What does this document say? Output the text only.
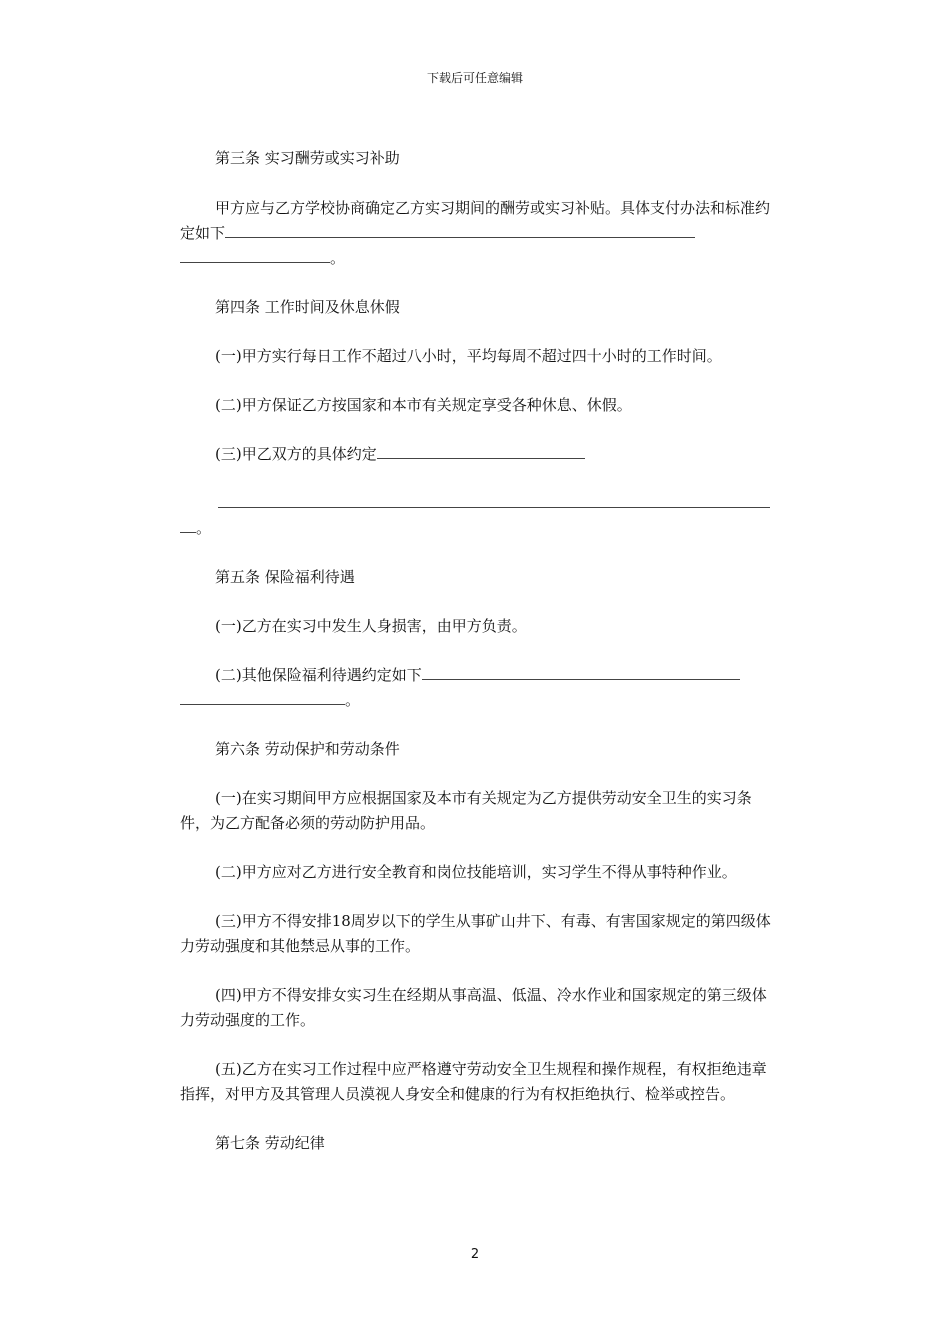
下载后可任意编辑

第三条 实习酬劳或实习补助

甲方应与乙方学校协商确定乙方实习期间的酬劳或实习补贴。具体支付办法和标准约定如下。

第四条 工作时间及休息休假

(一)甲方实行每日工作不超过八小时，平均每周不超过四十小时的工作时间。

(二)甲方保证乙方按国家和本市有关规定享受各种休息、休假。

(三)甲乙双方的具体约定

。

第五条 保险福利待遇

(一)乙方在实习中发生人身损害，由甲方负责。

(二)其他保险福利待遇约定如下。

第六条 劳动保护和劳动条件

(一)在实习期间甲方应根据国家及本市有关规定为乙方提供劳动安全卫生的实习条件，为乙方配备必须的劳动防护用品。

(二)甲方应对乙方进行安全教育和岗位技能培训，实习学生不得从事特种作业。

(三)甲方不得安排18周岁以下的学生从事矿山井下、有毒、有害国家规定的第四级体力劳动强度和其他禁忌从事的工作。

(四)甲方不得安排女实习生在经期从事高温、低温、冷水作业和国家规定的第三级体力劳动强度的工作。

(五)乙方在实习工作过程中应严格遵守劳动安全卫生规程和操作规程，有权拒绝违章指挥，对甲方及其管理人员漠视人身安全和健康的行为有权拒绝执行、检举或控告。

第七条 劳动纪律

2
